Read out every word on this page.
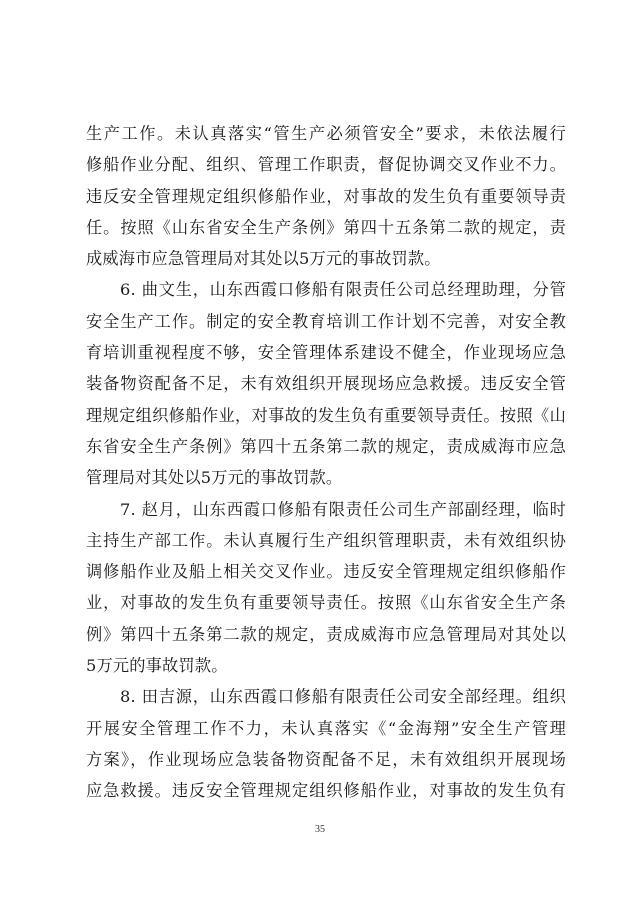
生产工作。未认真落实“管生产必须管安全”要求，未依法履行
修船作业分配、组织、管理工作职责，督促协调交叉作业不力。
违反安全管理规定组织修船作业，对事故的发生负有重要领导责
任。按照《山东省安全生产条例》第四十五条第二款的规定，责
成威海市应急管理局对其处以5万元的事故罚款。
6. 曲文生，山东西霞口修船有限责任公司总经理助理，分管
安全生产工作。制定的安全教育培训工作计划不完善，对安全教
育培训重视程度不够，安全管理体系建设不健全，作业现场应急
装备物资配备不足，未有效组织开展现场应急救援。违反安全管
理规定组织修船作业，对事故的发生负有重要领导责任。按照《山
东省安全生产条例》第四十五条第二款的规定，责成威海市应急
管理局对其处以5万元的事故罚款。
7. 赵月，山东西霞口修船有限责任公司生产部副经理，临时
主持生产部工作。未认真履行生产组织管理职责，未有效组织协
调修船作业及船上相关交叉作业。违反安全管理规定组织修船作
业，对事故的发生负有重要领导责任。按照《山东省安全生产条
例》第四十五条第二款的规定，责成威海市应急管理局对其处以
5万元的事故罚款。
8. 田吉源，山东西霞口修船有限责任公司安全部经理。组织
开展安全管理工作不力，未认真落实《“金海翔”安全生产管理
方案》，作业现场应急装备物资配备不足，未有效组织开展现场
应急救援。违反安全管理规定组织修船作业，对事故的发生负有
35
